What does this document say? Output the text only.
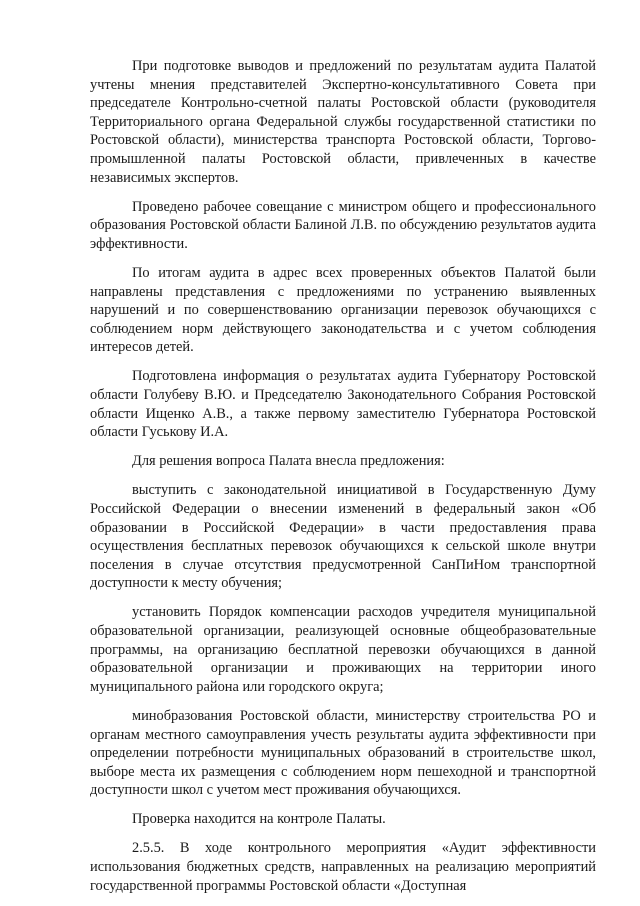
При подготовке выводов и предложений по результатам аудита Палатой учтены мнения представителей Экспертно-консультативного Совета при председателе Контрольно-счетной палаты Ростовской области (руководителя Территориального органа Федеральной службы государственной статистики по Ростовской области), министерства транспорта Ростовской области, Торгово-промышленной палаты Ростовской области, привлеченных в качестве независимых экспертов.

Проведено рабочее совещание с министром общего и профессионального образования Ростовской области Балиной Л.В. по обсуждению результатов аудита эффективности.

По итогам аудита в адрес всех проверенных объектов Палатой были направлены представления с предложениями по устранению выявленных нарушений и по совершенствованию организации перевозок обучающихся с соблюдением норм действующего законодательства и с учетом соблюдения интересов детей.

Подготовлена информация о результатах аудита Губернатору Ростовской области Голубеву В.Ю. и Председателю Законодательного Собрания Ростовской области Ищенко А.В., а также первому заместителю Губернатора Ростовской области Гуськову И.А.

Для решения вопроса Палата внесла предложения:

выступить с законодательной инициативой в Государственную Думу Российской Федерации о внесении изменений в федеральный закон «Об образовании в Российской Федерации» в части предоставления права осуществления бесплатных перевозок обучающихся к сельской школе внутри поселения в случае отсутствия предусмотренной СанПиНом транспортной доступности к месту обучения;

установить Порядок компенсации расходов учредителя муниципальной образовательной организации, реализующей основные общеобразовательные программы, на организацию бесплатной перевозки обучающихся в данной образовательной организации и проживающих на территории иного муниципального района или городского округа;

минобразования Ростовской области, министерству строительства РО и органам местного самоуправления учесть результаты аудита эффективности при определении потребности муниципальных образований в строительстве школ, выборе места их размещения с соблюдением норм пешеходной и транспортной доступности школ с учетом мест проживания обучающихся.

Проверка находится на контроле Палаты.

2.5.5. В ходе контрольного мероприятия «Аудит эффективности использования бюджетных средств, направленных на реализацию мероприятий государственной программы Ростовской области «Доступная
